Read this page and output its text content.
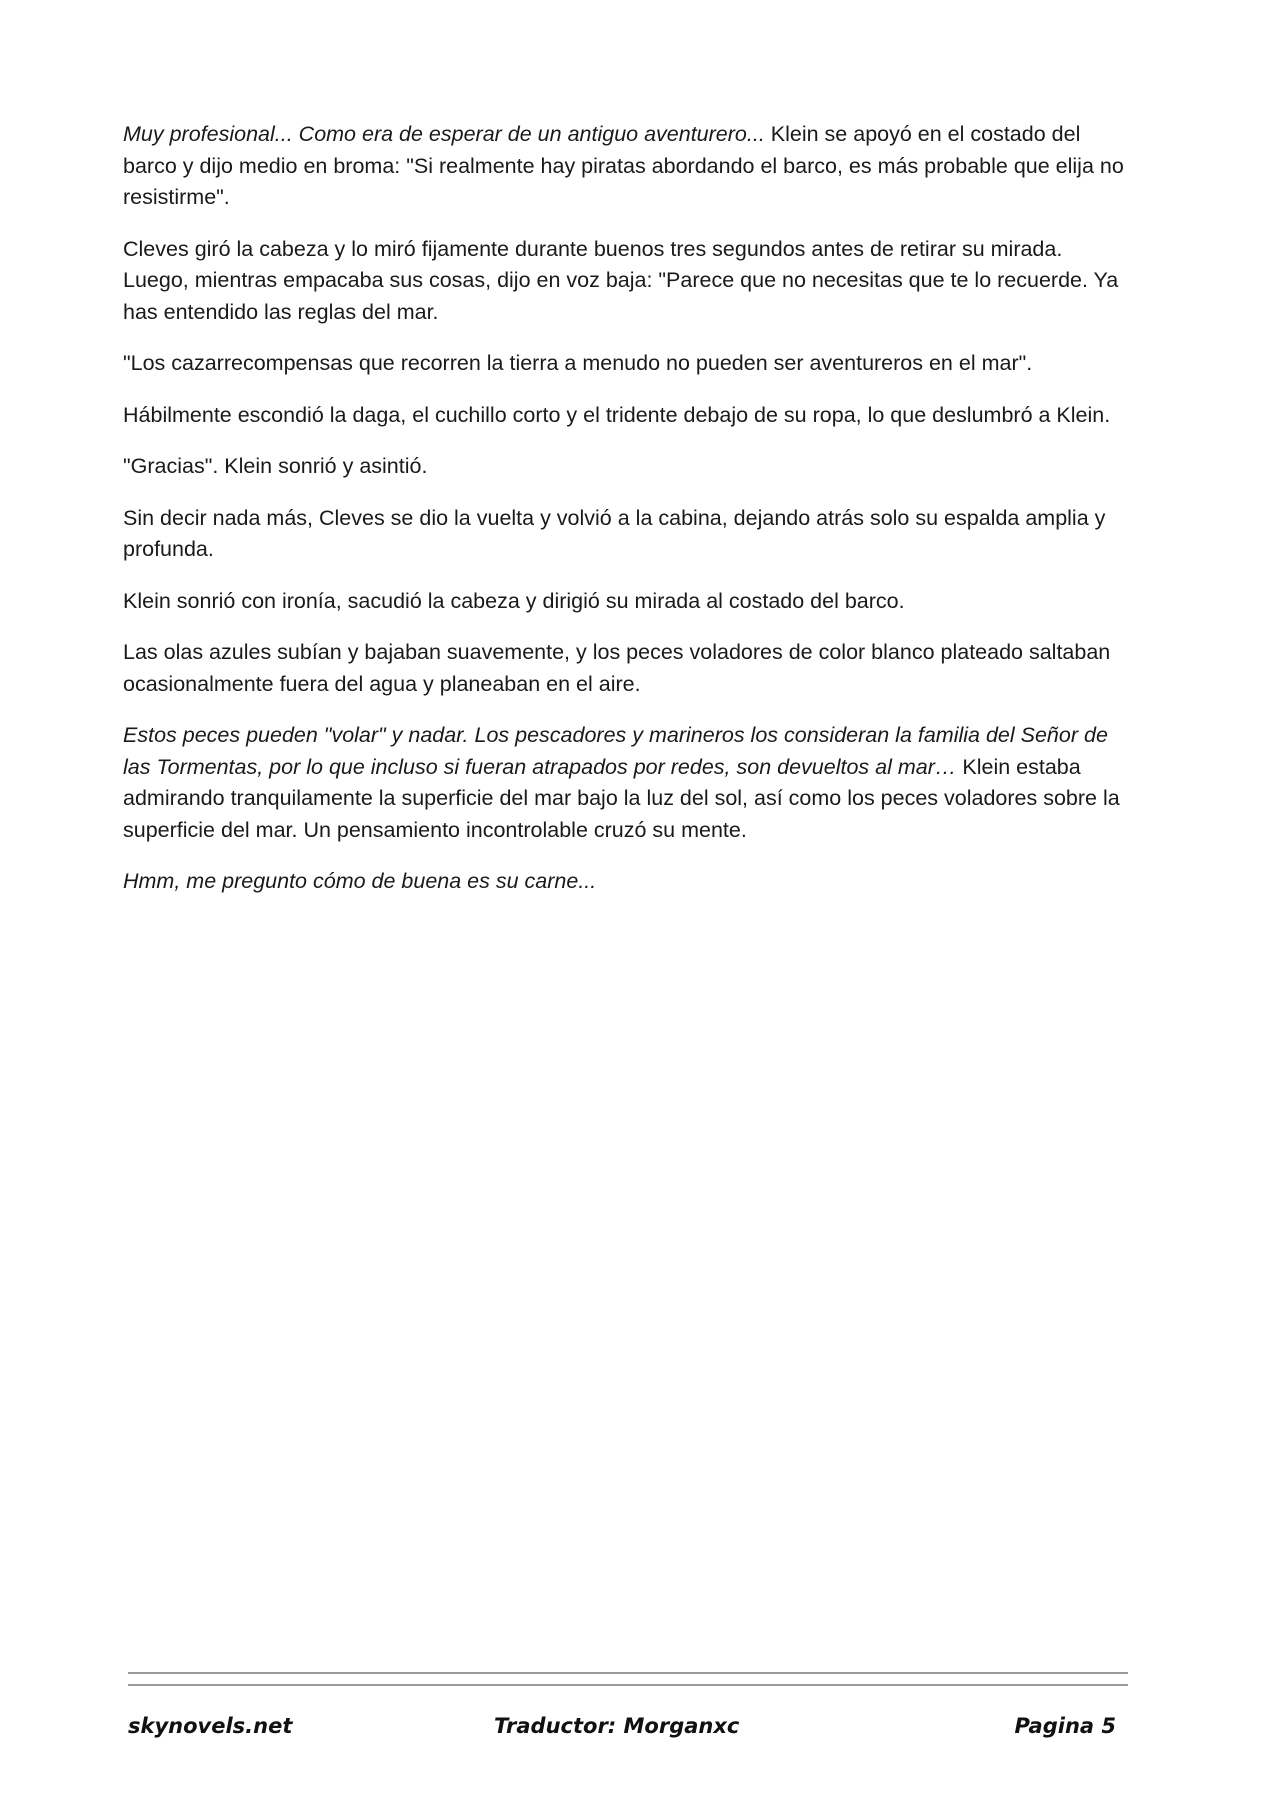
Muy profesional... Como era de esperar de un antiguo aventurero... Klein se apoyó en el costado del barco y dijo medio en broma: "Si realmente hay piratas abordando el barco, es más probable que elija no resistirme".

Cleves giró la cabeza y lo miró fijamente durante buenos tres segundos antes de retirar su mirada. Luego, mientras empacaba sus cosas, dijo en voz baja: "Parece que no necesitas que te lo recuerde. Ya has entendido las reglas del mar.

"Los cazarrecompensas que recorren la tierra a menudo no pueden ser aventureros en el mar".

Hábilmente escondió la daga, el cuchillo corto y el tridente debajo de su ropa, lo que deslumbró a Klein.

"Gracias". Klein sonrió y asintió.

Sin decir nada más, Cleves se dio la vuelta y volvió a la cabina, dejando atrás solo su espalda amplia y profunda.

Klein sonrió con ironía, sacudió la cabeza y dirigió su mirada al costado del barco.

Las olas azules subían y bajaban suavemente, y los peces voladores de color blanco plateado saltaban ocasionalmente fuera del agua y planeaban en el aire.

Estos peces pueden "volar" y nadar. Los pescadores y marineros los consideran la familia del Señor de las Tormentas, por lo que incluso si fueran atrapados por redes, son devueltos al mar… Klein estaba admirando tranquilamente la superficie del mar bajo la luz del sol, así como los peces voladores sobre la superficie del mar. Un pensamiento incontrolable cruzó su mente.

Hmm, me pregunto cómo de buena es su carne...

skynovels.net	Traductor: Morganxc	Pagina 5
